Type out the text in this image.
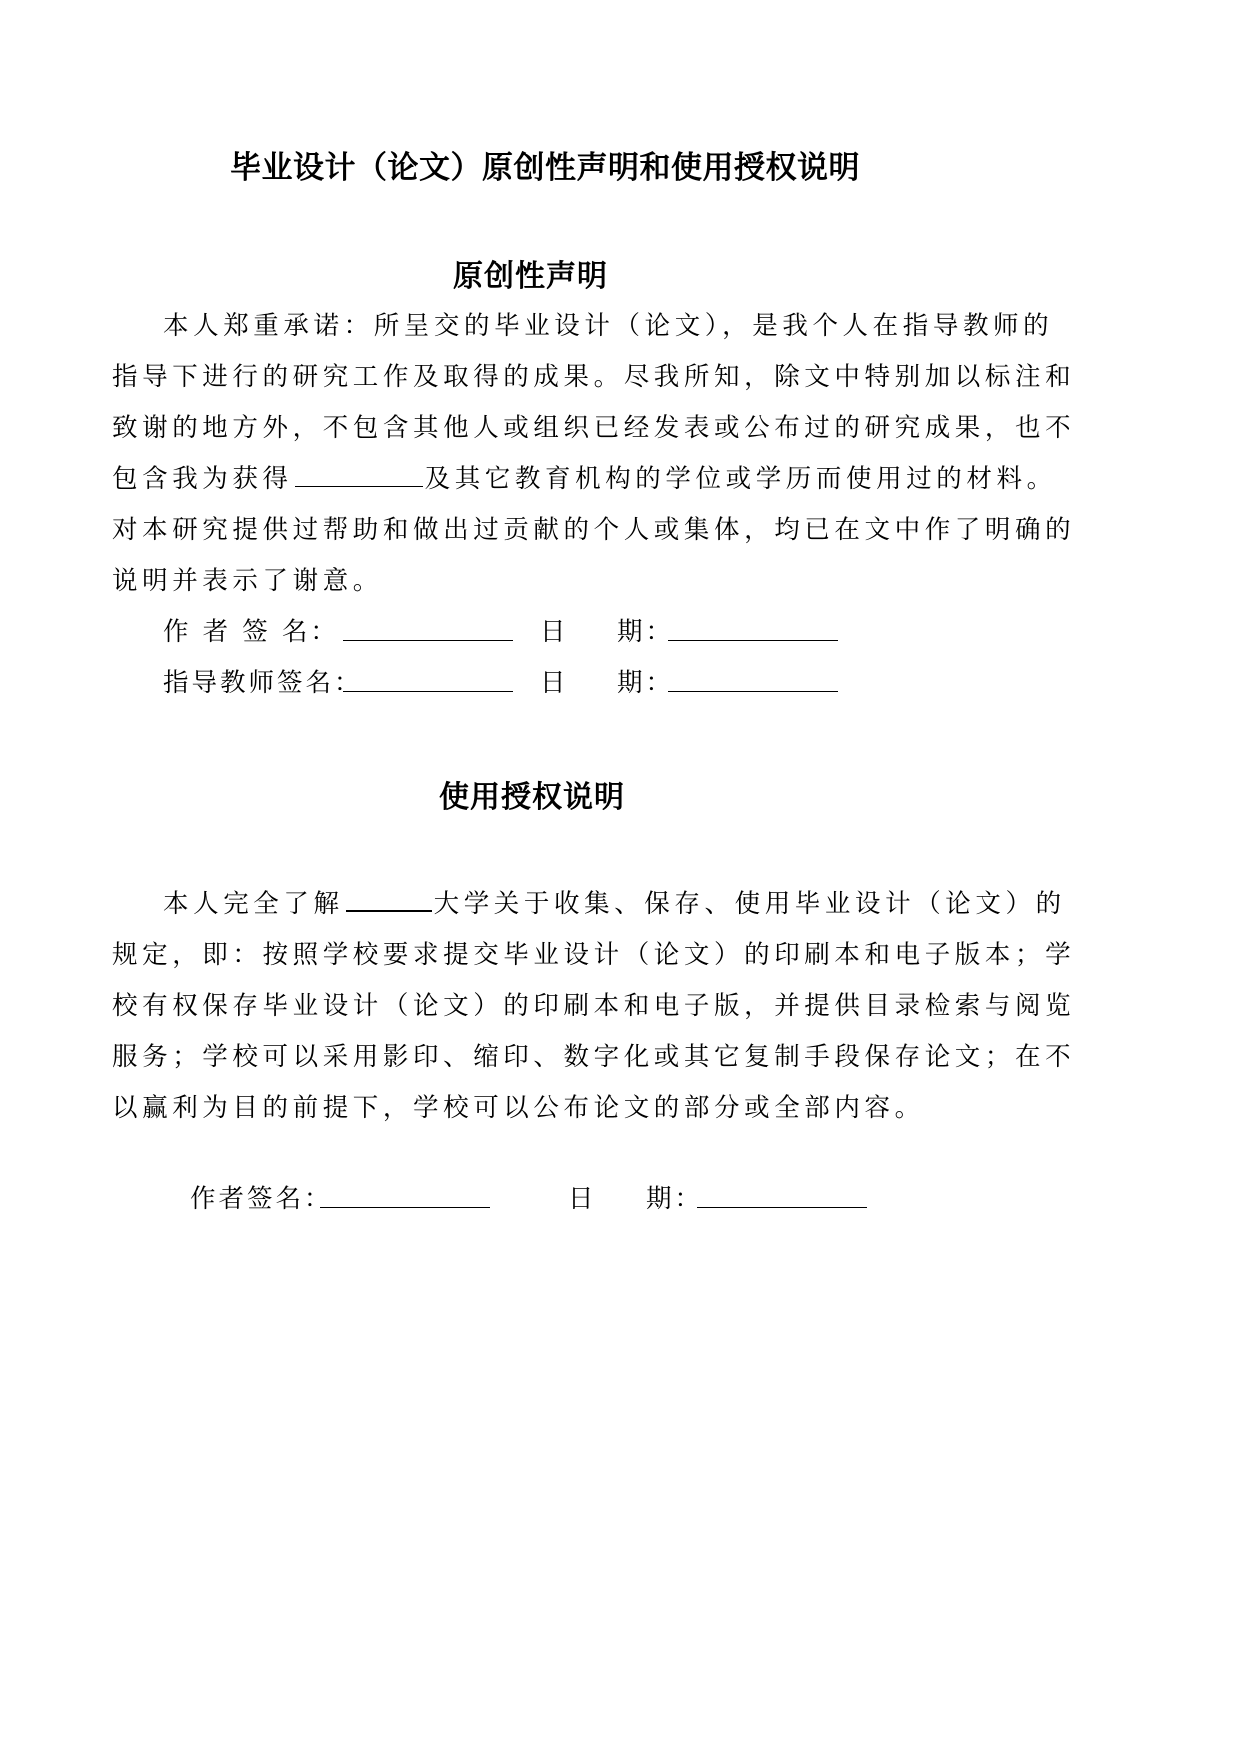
毕业设计（论文）原创性声明和使用授权说明
原创性声明
本人郑重承诺：所呈交的毕业设计（论文），是我个人在指导教师的
指导下进行的研究工作及取得的成果。尽我所知，除文中特别加以标注和
致谢的地方外，不包含其他人或组织已经发表或公布过的研究成果，也不
包含我为获得	及其它教育机构的学位或学历而使用过的材料。
对本研究提供过帮助和做出过贡献的个人或集体，均已在文中作了明确的
说明并表示了谢意。
作 者 签 名：	日 期：
指导教师签名：	日 期：
使用授权说明
本人完全了解	大学关于收集、保存、使用毕业设计（论文）的
规定，即：按照学校要求提交毕业设计（论文）的印刷本和电子版本；学
校有权保存毕业设计（论文）的印刷本和电子版，并提供目录检索与阅览
服务；学校可以采用影印、缩印、数字化或其它复制手段保存论文；在不
以赢利为目的前提下，学校可以公布论文的部分或全部内容。
作者签名：	日 期：
